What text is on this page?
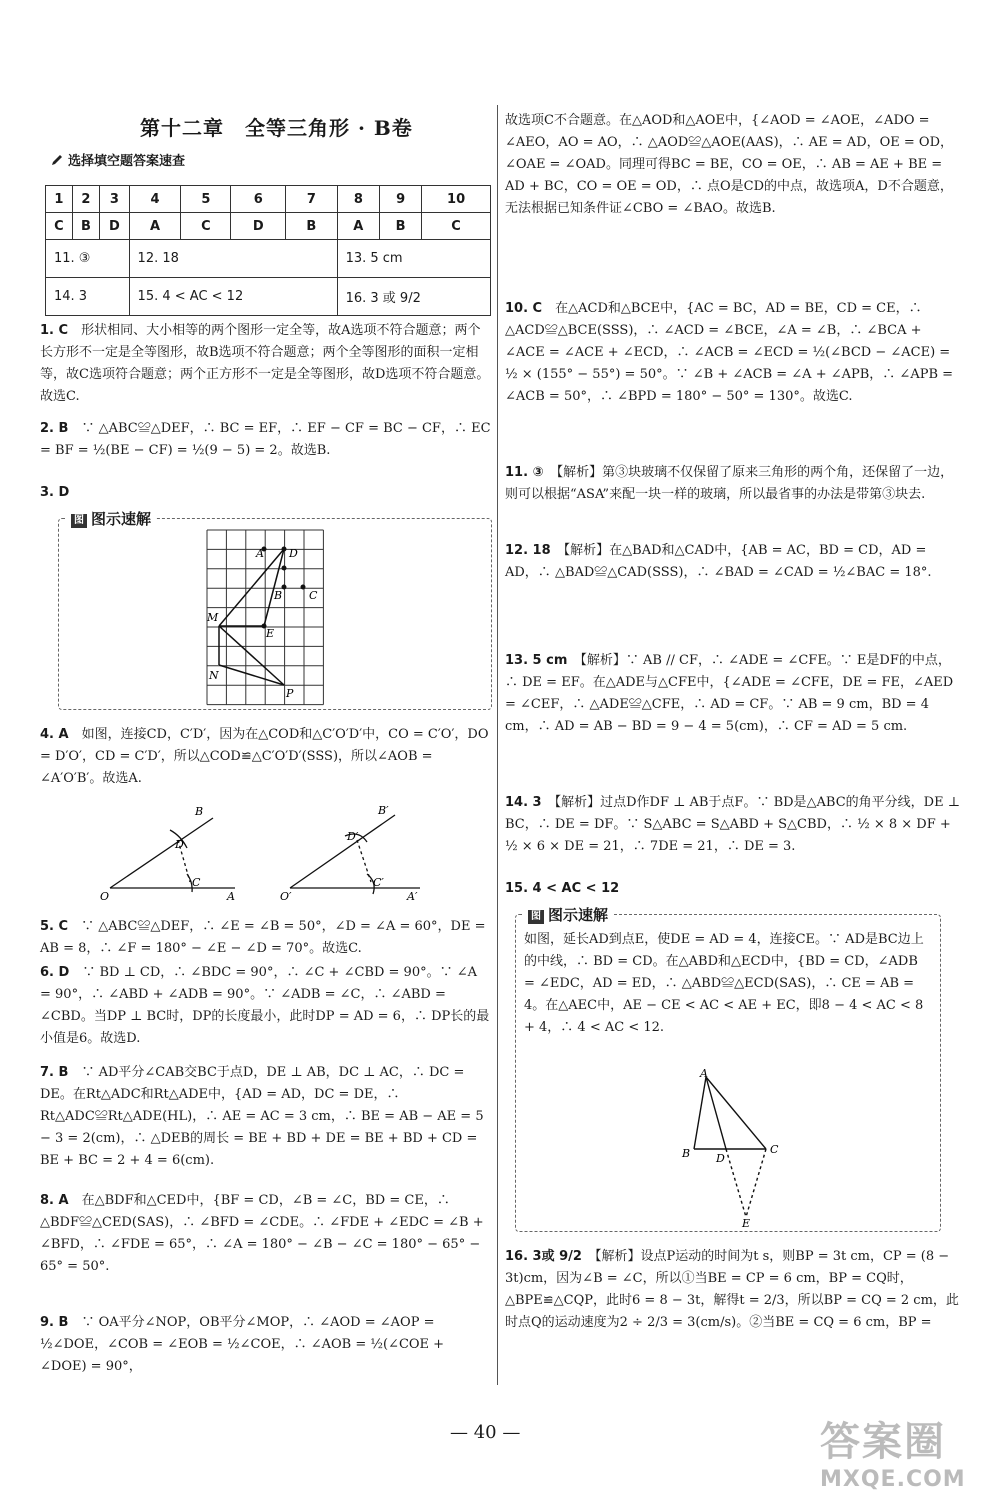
第十二章　全等三角形 · B卷
选择填空题答案速查
1	2	3	4	5	6	7	8	9	10
C	B	D	A	C	D	B	A	B	C
11. ③			12. 18				13. 5 cm		
14. 3			15. 4 < AC < 12				16. 3 或 9/2		
1. C　 形状相同、大小相等的两个图形一定全等，故A选项不符合题意；两个长方形不一定是全等图形，故B选项不符合题意；两个全等图形的面积一定相等，故C选项符合题意；两个正方形不一定是全等图形，故D选项不符合题意。故选C.
2. B　 ∵ △ABC≌△DEF，∴ BC = EF，∴ EF − CF = BC − CF，∴ EC = BF = ½(BE − CF) = ½(9 − 5) = 2。故选B.
3. D
图 图示速解
A D
B C
M
E
N
P
4. A　 如图，连接CD，C′D′，因为在△COD和△C′O′D′中，CO = C′O′，DO = D′O′，CD = C′D′，所以△COD≌△C′O′D′(SSS)，所以∠AOB = ∠A′O′B′。故选A.
B
D
O
C
A
B′
D′
O′
C′
A′
5. C　 ∵ △ABC≌△DEF，∴ ∠E = ∠B = 50°，∠D = ∠A = 60°，DE = AB = 8，∴ ∠F = 180° − ∠E − ∠D = 70°。故选C.
6. D　 ∵ BD ⊥ CD，∴ ∠BDC = 90°，∴ ∠C + ∠CBD = 90°。∵ ∠A = 90°，∴ ∠ABD + ∠ADB = 90°。∵ ∠ADB = ∠C，∴ ∠ABD = ∠CBD。当DP ⊥ BC时，DP的长度最小，此时DP = AD = 6，∴ DP长的最小值是6。故选D.
7. B　 ∵ AD平分∠CAB交BC于点D，DE ⊥ AB，DC ⊥ AC，∴ DC = DE。在Rt△ADC和Rt△ADE中，{AD = AD，DC = DE，∴ Rt△ADC≌Rt△ADE(HL)，∴ AE = AC = 3 cm，∴ BE = AB − AE = 5 − 3 = 2(cm)，∴ △DEB的周长 = BE + BD + DE = BE + BD + CD = BE + BC = 2 + 4 = 6(cm).
8. A　 在△BDF和△CED中，{BF = CD，∠B = ∠C，BD = CE，∴ △BDF≌△CED(SAS)，∴ ∠BFD = ∠CDE。∴ ∠FDE + ∠EDC = ∠B + ∠BFD，∴ ∠FDE = 65°，∴ ∠A = 180° − ∠B − ∠C = 180° − 65° − 65° = 50°.
9. B　 ∵ OA平分∠NOP，OB平分∠MOP，∴ ∠AOD = ∠AOP = ½∠DOE，∠COB = ∠EOB = ½∠COE，∴ ∠AOB = ½(∠COE + ∠DOE) = 90°，
故选项C不合题意。在△AOD和△AOE中，{∠AOD = ∠AOE，∠ADO = ∠AEO，AO = AO，∴ △AOD≌△AOE(AAS)，∴ AE = AD，OE = OD，∠OAE = ∠OAD。同理可得BC = BE，CO = OE，∴ AB = AE + BE = AD + BC，CO = OE = OD，∴ 点O是CD的中点，故选项A，D不合题意，无法根据已知条件证∠CBO = ∠BAO。故选B.
10. C　 在△ACD和△BCE中，{AC = BC，AD = BE，CD = CE，∴ △ACD≌△BCE(SSS)，∴ ∠ACD = ∠BCE，∠A = ∠B，∴ ∠BCA + ∠ACE = ∠ACE + ∠ECD，∴ ∠ACB = ∠ECD = ½(∠BCD − ∠ACE) = ½ × (155° − 55°) = 50°。∵ ∠B + ∠ACB = ∠A + ∠APB，∴ ∠APB = ∠ACB = 50°，∴ ∠BPD = 180° − 50° = 130°。故选C.
11. ③　 【解析】第③块玻璃不仅保留了原来三角形的两个角，还保留了一边，则可以根据“ASA”来配一块一样的玻璃，所以最省事的办法是带第③块去.
12. 18　 【解析】在△BAD和△CAD中，{AB = AC，BD = CD，AD = AD，∴ △BAD≌△CAD(SSS)，∴ ∠BAD = ∠CAD = ½∠BAC = 18°.
13. 5 cm　 【解析】∵ AB // CF，∴ ∠ADE = ∠CFE。∵ E是DF的中点，∴ DE = EF。在△ADE与△CFE中，{∠ADE = ∠CFE，DE = FE，∠AED = ∠CEF，∴ △ADE≌△CFE，∴ AD = CF。∵ AB = 9 cm，BD = 4 cm，∴ AD = AB − BD = 9 − 4 = 5(cm)，∴ CF = AD = 5 cm.
14. 3　 【解析】过点D作DF ⊥ AB于点F。∵ BD是△ABC的角平分线，DE ⊥ BC，∴ DE = DF。∵ S△ABC = S△ABD + S△CBD，∴ ½ × 8 × DF + ½ × 6 × DE = 21，∴ 7DE = 21，∴ DE = 3.
15. 4 < AC < 12
图 图示速解
如图，延长AD到点E，使DE = AD = 4，连接CE。∵ AD是BC边上的中线，∴ BD = CD。在△ABD和△ECD中，{BD = CD，∠ADB = ∠EDC，AD = ED，∴ △ABD≌△ECD(SAS)，∴ CE = AB = 4。在△AEC中，AE − CE < AC < AE + EC，即8 − 4 < AC < 8 + 4，∴ 4 < AC < 12.
A
B D
C
E
16. 3或 9/2　 【解析】设点P运动的时间为t s，则BP = 3t cm，CP = (8 − 3t)cm，因为∠B = ∠C，所以①当BE = CP = 6 cm，BP = CQ时，△BPE≌△CQP，此时6 = 8 − 3t，解得t = 2/3，所以BP = CQ = 2 cm，此时点Q的运动速度为2 ÷ 2/3 = 3(cm/s)。②当BE = CQ = 6 cm，BP =
— 40 —	答案圈
MXQE.COM
